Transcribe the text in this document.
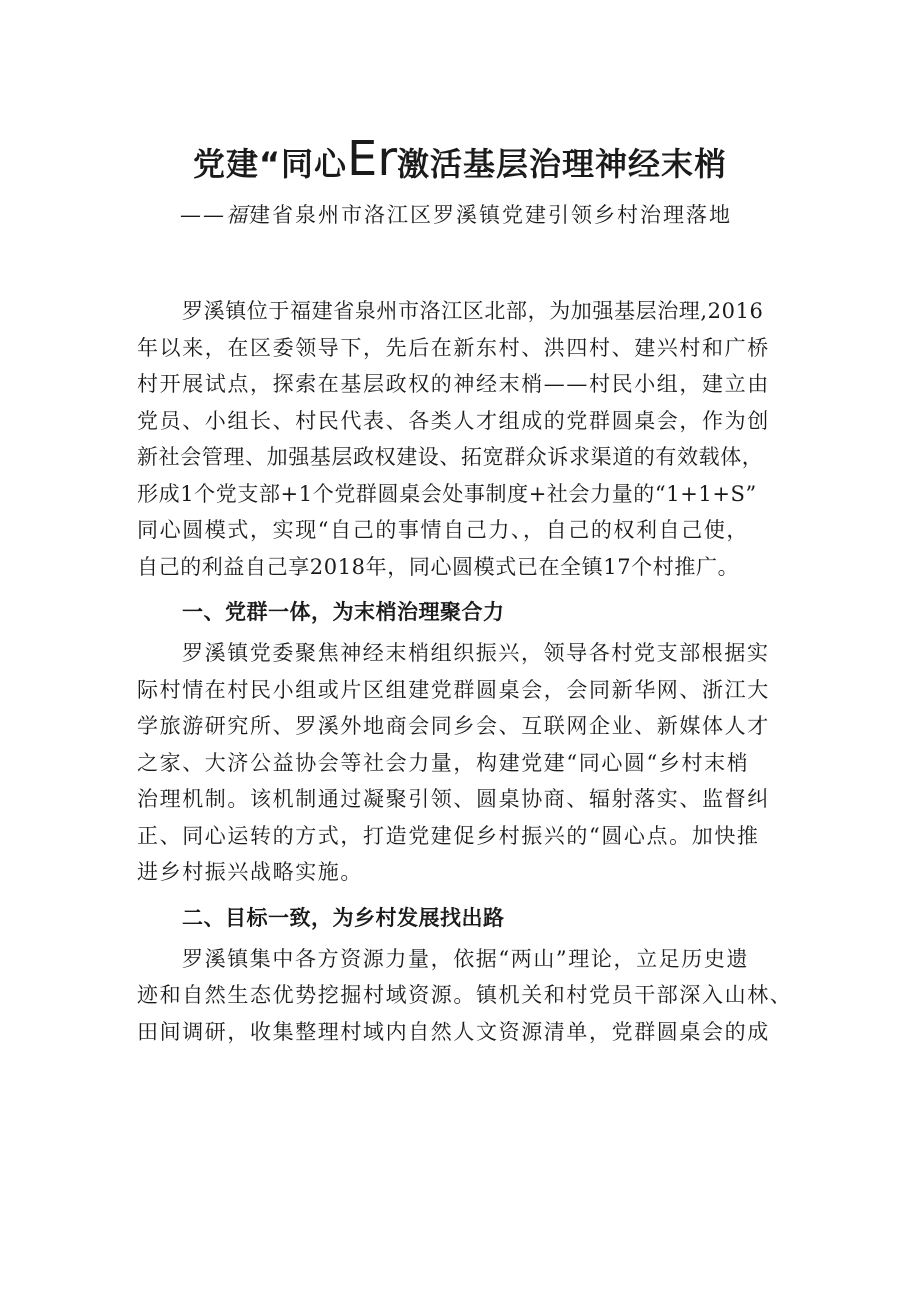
党建“同心Er激活基层治理神经末梢
——福建省泉州市洛江区罗溪镇党建引领乡村治理落地
罗溪镇位于福建省泉州市洛江区北部，为加强基层治理,2016
年以来，在区委领导下，先后在新东村、洪四村、建兴村和广桥
村开展试点，探索在基层政权的神经末梢——村民小组，建立由
党员、小组长、村民代表、各类人才组成的党群圆桌会，作为创
新社会管理、加强基层政权建设、拓宽群众诉求渠道的有效载体，
形成1个党支部+1个党群圆桌会处事制度+社会力量的“1+1+S”
同心圆模式，实现“自己的事情自己力、，自己的权利自己使，
自己的利益自己享2018年，同心圆模式已在全镇17个村推广。
一、党群一体，为末梢治理聚合力
罗溪镇党委聚焦神经末梢组织振兴，领导各村党支部根据实
际村情在村民小组或片区组建党群圆桌会，会同新华网、浙江大
学旅游研究所、罗溪外地商会同乡会、互联网企业、新媒体人才
之家、大济公益协会等社会力量，构建党建“同心圆“乡村末梢
治理机制。该机制通过凝聚引领、圆桌协商、辐射落实、监督纠
正、同心运转的方式，打造党建促乡村振兴的“圆心点。加快推
进乡村振兴战略实施。
二、目标一致，为乡村发展找出路
罗溪镇集中各方资源力量，依据“两山”理论，立足历史遗
迹和自然生态优势挖掘村域资源。镇机关和村党员干部深入山林、
田间调研，收集整理村域内自然人文资源清单，党群圆桌会的成
